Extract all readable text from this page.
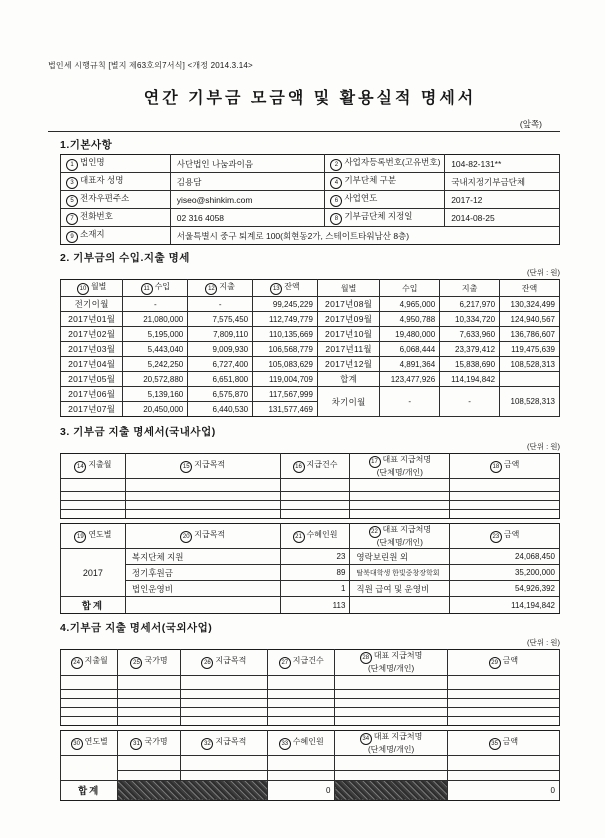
법인세 시행규칙 [별지 제63호의7서식] <개정 2014.3.14>
연간 기부금 모금액 및 활용실적 명세서
(앞쪽)
1.기본사항
1 법인명	사단법인 나눔과이음	2 사업자등록번호(고유번호)	104-82-131**
3 대표자 성명	김용담	4 기부단체 구분	국내지정기부금단체
5 전자우편주소	yiseo@shinkim.com	6 사업연도	2017-12
7 전화번호	02 316 4058	8 기부금단체 지정일	2014-08-25
9 소재지	서울특별시 중구 퇴계로 100(회현동2가, 스테이트타워남산 8층)		
2. 기부금의 수입.지출 명세
(단위 : 원)
10 월별	11 수입	12 지출	13 잔액	월별	수입	지출	잔액
전기이월	-	-	99,245,229	2017년08월	4,965,000	6,217,970	130,324,499
2017년01월	21,080,000	7,575,450	112,749,779	2017년09월	4,950,788	10,334,720	124,940,567
2017년02월	5,195,000	7,809,110	110,135,669	2017년10월	19,480,000	7,633,960	136,786,607
2017년03월	5,443,040	9,009,930	106,568,779	2017년11월	6,068,444	23,379,412	119,475,639
2017년04월	5,242,250	6,727,400	105,083,629	2017년12월	4,891,364	15,838,690	108,528,313
2017년05월	20,572,880	6,651,800	119,004,709	합계	123,477,926	114,194,842	
2017년06월	5,139,160	6,575,870	117,567,999	차기이월	-	-	108,528,313
2017년07월	20,450,000	6,440,530	131,577,469				
3. 기부금 지출 명세서(국내사업)
(단위 : 원)
14 지출월	15 지급목적	16 지급건수	17 대표 지급처명
(단체명/개인)	18 금액

19 연도별	20 지급목적	21 수혜인원	22 대표 지급처명
(단체명/개인)	23 금액
2017	복지단체 지원	23	영락보린원 외	24,068,450
	정기후원금	89	탈북대학생 한빛중창장학회	35,200,000
	법인운영비	1	직원 급여 및 운영비	54,926,392
합계		113		114,194,842
4.기부금 지출 명세서(국외사업)
(단위 : 원)
24 지출월	25 국가명	26 지급목적	27 지급건수	28 대표 지급처명
(단체명/개인)	29 금액

30 연도별	31 국가명	32 지급목적	33 수혜인원	34 대표 지급처명
(단체명/개인)	35 금액

합계			0		0
